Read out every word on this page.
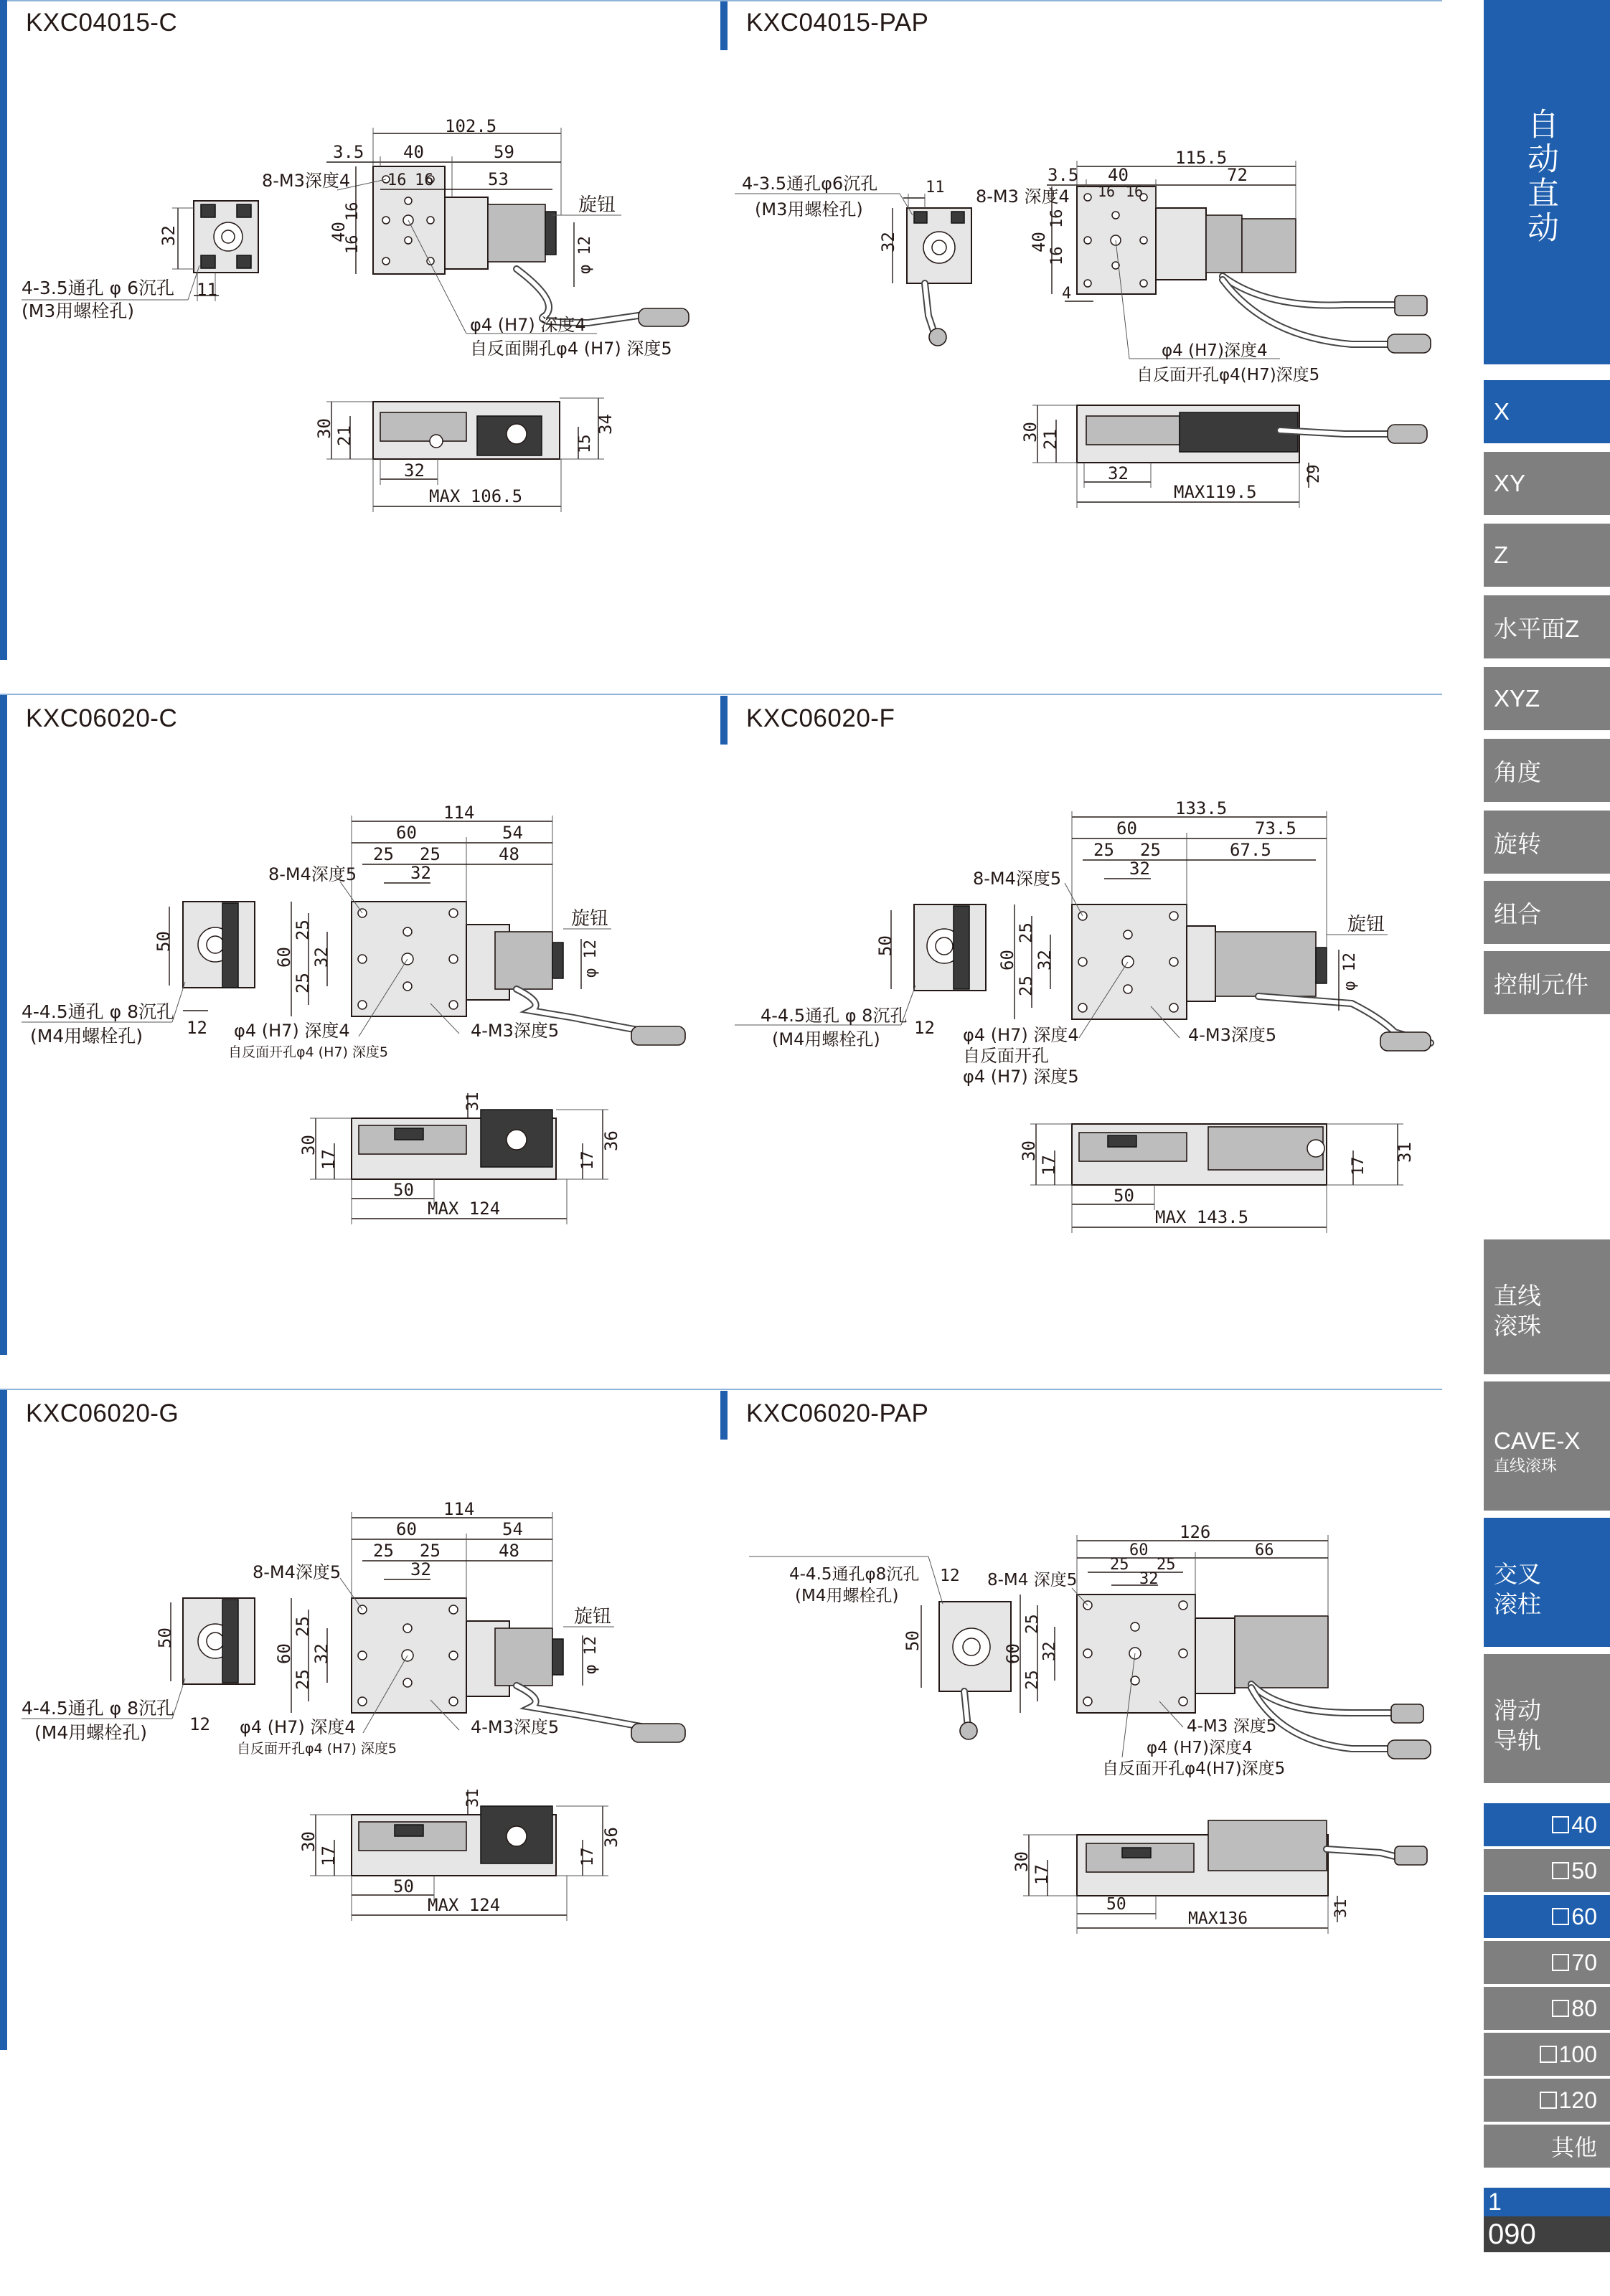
KXC04015-C	KXC04015-PAP
KXC06020-C	KXC06020-F
KXC06020-G	KXC06020-PAP
32
11
4-3.5通孔 φ 6沉孔
(M3用螺栓孔)
102.5
3.5 40	59
16 16	53
8-M3深度4
旋钮
40
16
16	φ 12
φ4 (H7) 深度4
自反面開孔φ4 (H7) 深度5
30 21
32
15
34
MAX 106.5
4-3.5通孔φ6沉孔
(M3用螺栓孔)
11
32
115.5
3.5 40	72
16 16
8-M3 深度4
40
16
16
4
φ4 (H7)深度4
自反面开孔φ4(H7)深度5
30 21
32
MAX119.5
29
50
12
4-4.5通孔 φ 8沉孔
(M4用螺栓孔)
114
60	54
25 25	48
32
8-M4深度5
旋钮
60
25
25
32	φ 12
φ4 (H7) 深度4
自反面开孔φ4 (H7) 深度5
4-M3深度5
30
17
31
17
36
50
MAX 124
50
12
4-4.5通孔 φ 8沉孔
(M4用螺栓孔)
133.5
60	73.5
25 25	67.5
32
8-M4深度5
旋钮
60
25
25
32	φ 12
φ4 (H7) 深度4
自反面开孔
φ4 (H7) 深度5
4-M3深度5
30
17	17
31
50
MAX 143.5
50
12
4-4.5通孔 φ 8沉孔
(M4用螺栓孔)
114
60	54
25 25	48
32
8-M4深度5
旋钮
60
25
25
32	φ 12
φ4 (H7) 深度4
自反面开孔φ4 (H7) 深度5
4-M3深度5
30
17
31
17
36
50
MAX 124
4-4.5通孔φ8沉孔
(M4用螺栓孔)
12
50
126
60	66
25 25
32
8-M4 深度5
60
25
25
32
4-M3 深度5
φ4 (H7)深度4
自反面开孔φ4(H7)深度5
30
17
50
MAX136
31
自动直动
X
XY
Z
水平面Z
XYZ
角度
旋转
组合
控制元件
直线滚珠
CAVE-X
直线滚珠
交叉滚柱
滑动导轨
40
50
60
70
80
100
120
其他
1
090
